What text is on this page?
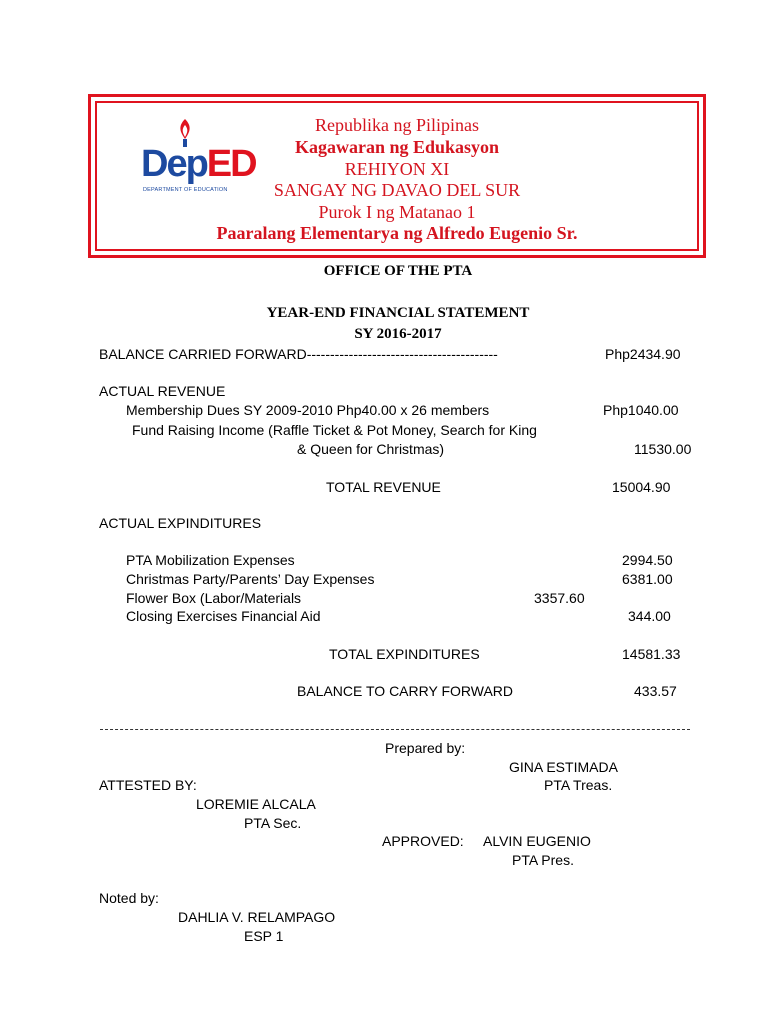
DepED
DEPARTMENT OF EDUCATION
Republika ng Pilipinas
Kagawaran ng Edukasyon
REHIYON XI
SANGAY NG DAVAO DEL SUR
Purok I ng Matanao 1
Paaralang Elementarya ng Alfredo Eugenio Sr.
OFFICE OF THE PTA
YEAR-END FINANCIAL STATEMENT
SY 2016-2017
BALANCE CARRIED FORWARD-----------------------------------------	Php2434.90
ACTUAL REVENUE
Membership Dues SY 2009-2010 Php40.00 x 26 members	Php1040.00
Fund Raising Income (Raffle Ticket & Pot Money, Search for King
& Queen for Christmas)	11530.00
TOTAL REVENUE	15004.90
ACTUAL EXPINDITURES
PTA Mobilization Expenses	2994.50
Christmas Party/Parents’ Day Expenses	6381.00
Flower Box (Labor/Materials	3357.60
Closing Exercises Financial Aid	344.00
TOTAL EXPINDITURES	14581.33
BALANCE TO CARRY FORWARD	433.57
Prepared by:
GINA ESTIMADA
ATTESTED BY:	PTA Treas.
LOREMIE ALCALA
PTA Sec.
APPROVED: ALVIN EUGENIO
PTA Pres.
Noted by:
DAHLIA V. RELAMPAGO
ESP 1
